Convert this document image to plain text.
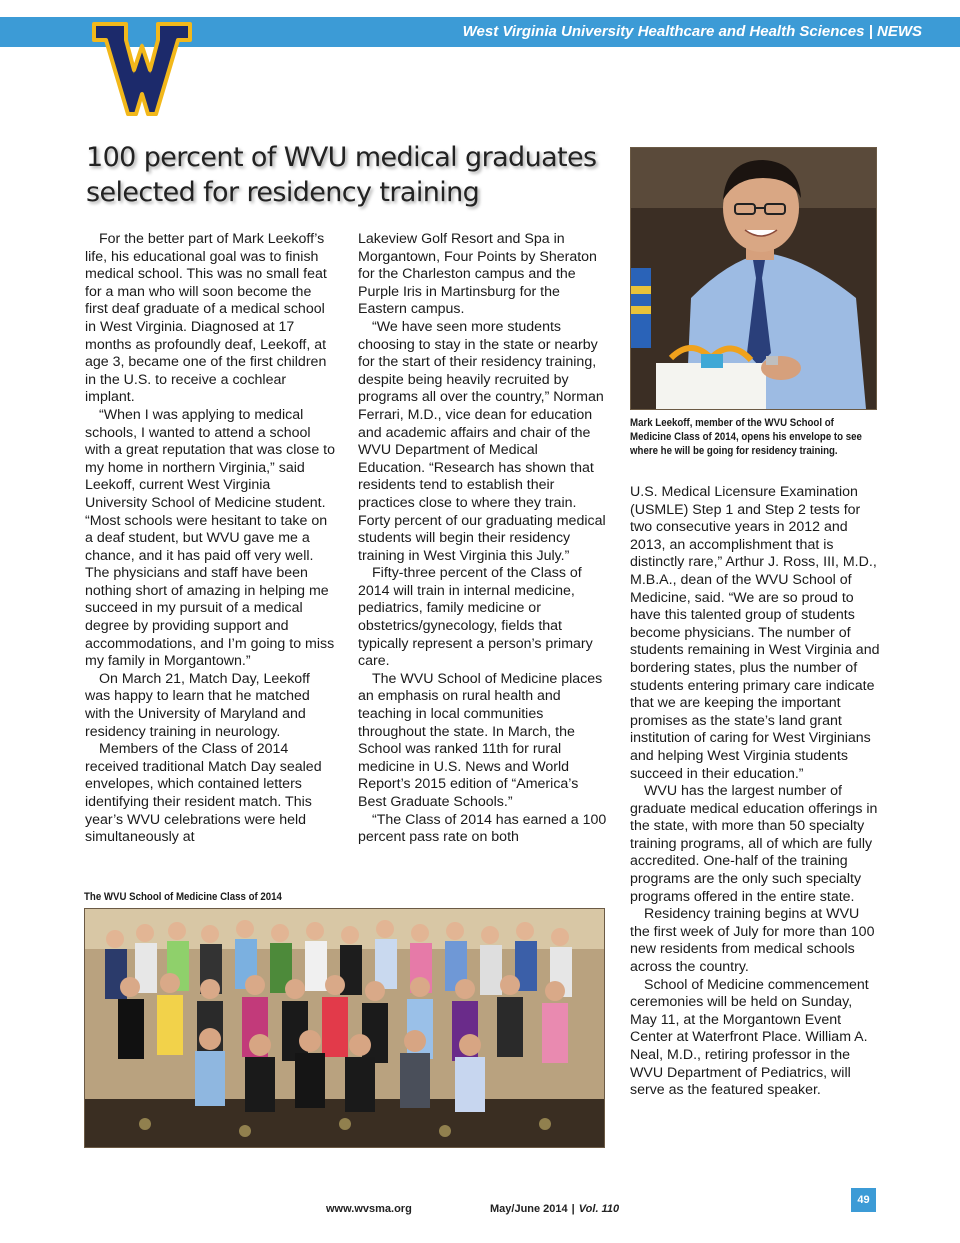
West Virginia University Healthcare and Health Sciences | NEWS
100 percent of WVU medical graduates
selected for residency training

For the better part of Mark Leekoff’s life, his educational goal was to finish medical school. This was no small feat for a man who will soon become the first deaf graduate of a medical school in West Virginia. Diagnosed at 17 months as profoundly deaf, Leekoff, at age 3, became one of the first children in the U.S. to receive a cochlear implant.

“When I was applying to medical schools, I wanted to attend a school with a great reputation that was close to my home in northern Virginia,” said Leekoff, current West Virginia University School of Medicine student. “Most schools were hesitant to take on a deaf student, but WVU gave me a chance, and it has paid off very well. The physicians and staff have been nothing short of amazing in helping me succeed in my pursuit of a medical degree by providing support and accommodations, and I’m going to miss my family in Morgantown.”

On March 21, Match Day, Leekoff was happy to learn that he matched with the University of Maryland and residency training in neurology.

Members of the Class of 2014 received traditional Match Day sealed envelopes, which contained letters identifying their resident match. This year’s WVU celebrations were held simultaneously at

Lakeview Golf Resort and Spa in Morgantown, Four Points by Sheraton for the Charleston campus and the Purple Iris in Martinsburg for the Eastern campus.

“We have seen more students choosing to stay in the state or nearby for the start of their residency training, despite being heavily recruited by programs all over the country,” Norman Ferrari, M.D., vice dean for education and academic affairs and chair of the WVU Department of Medical Education. “Research has shown that residents tend to establish their practices close to where they train. Forty percent of our graduating medical students will begin their residency training in West Virginia this July.”

Fifty-three percent of the Class of 2014 will train in internal medicine, pediatrics, family medicine or obstetrics/gynecology, fields that typically represent a person’s primary care.

The WVU School of Medicine places an emphasis on rural health and teaching in local communities throughout the state. In March, the School was ranked 11th for rural medicine in U.S. News and World Report’s 2015 edition of “America’s Best Graduate Schools.”

“The Class of 2014 has earned a 100 percent pass rate on both

Mark Leekoff, member of the WVU School of Medicine Class of 2014, opens his envelope to see where he will be going for residency training.

U.S. Medical Licensure Examination (USMLE) Step 1 and Step 2 tests for two consecutive years in 2012 and 2013, an accomplishment that is distinctly rare,” Arthur J. Ross, III, M.D., M.B.A., dean of the WVU School of Medicine, said. “We are so proud to have this talented group of students become physicians. The number of students remaining in West Virginia and bordering states, plus the number of students entering primary care indicate that we are keeping the important promises as the state’s land grant institution of caring for West Virginians and helping West Virginia students succeed in their education.”

WVU has the largest number of graduate medical education offerings in the state, with more than 50 specialty training programs, all of which are fully accredited. One-half of the training programs are the only such specialty programs offered in the entire state.

Residency training begins at WVU the first week of July for more than 100 new residents from medical schools across the country.

School of Medicine commencement ceremonies will be held on Sunday, May 11, at the Morgantown Event Center at Waterfront Place. William A. Neal, M.D., retiring professor in the WVU Department of Pediatrics, will serve as the featured speaker.

The WVU School of Medicine Class of 2014
www.wvsma.org	May/June 2014 | Vol. 110
49
